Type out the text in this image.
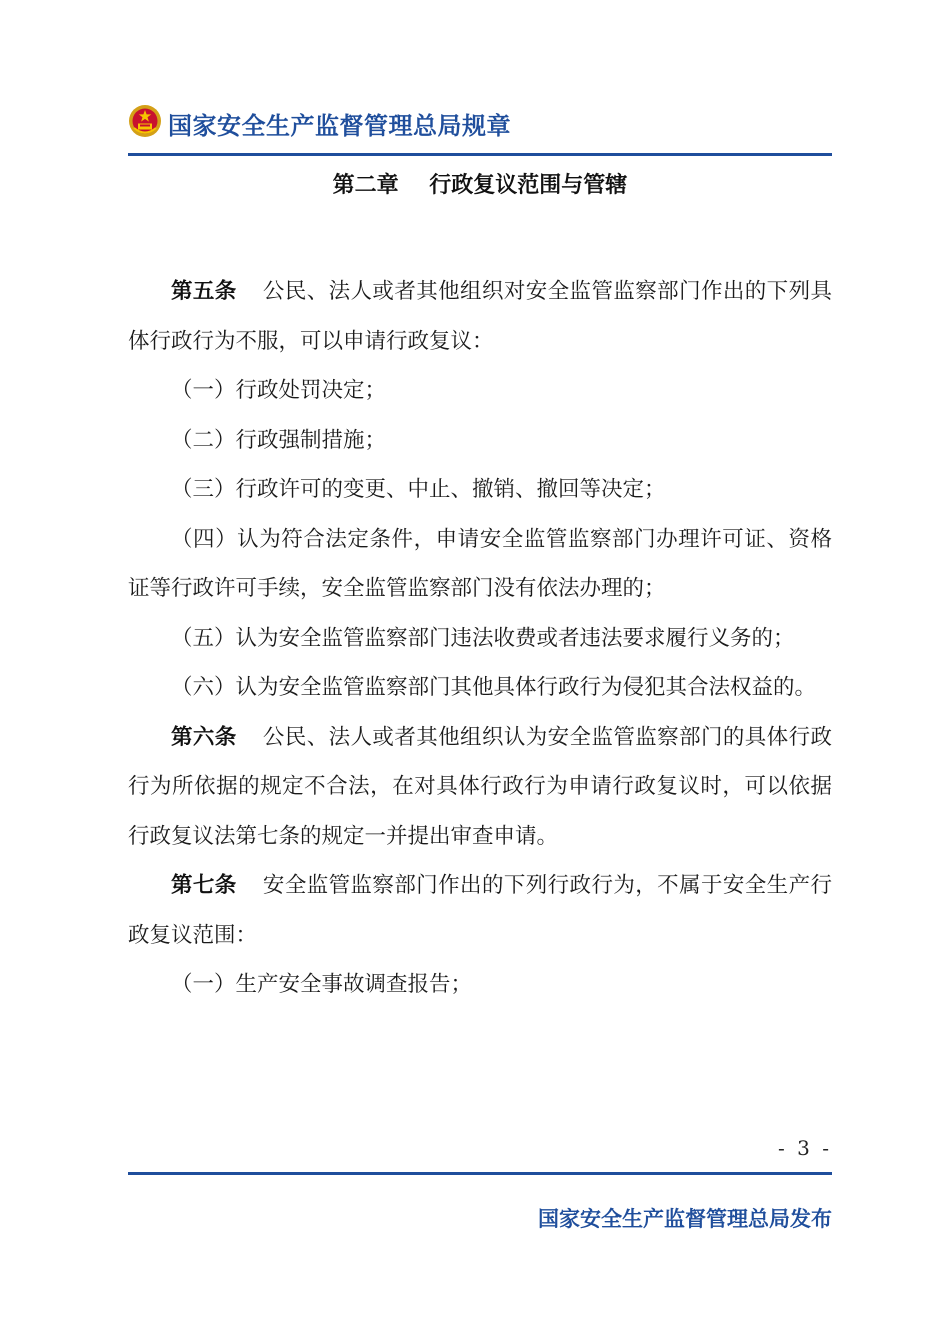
国家安全生产监督管理总局规章
第二章    行政复议范围与管辖

第五条 公民、法人或者其他组织对安全监管监察部门作出的下列具体行政行为不服，可以申请行政复议：

（一）行政处罚决定；

（二）行政强制措施；

（三）行政许可的变更、中止、撤销、撤回等决定；

（四）认为符合法定条件，申请安全监管监察部门办理许可证、资格证等行政许可手续，安全监管监察部门没有依法办理的；

（五）认为安全监管监察部门违法收费或者违法要求履行义务的；

（六）认为安全监管监察部门其他具体行政行为侵犯其合法权益的。

第六条 公民、法人或者其他组织认为安全监管监察部门的具体行政行为所依据的规定不合法，在对具体行政行为申请行政复议时，可以依据行政复议法第七条的规定一并提出审查申请。

第七条 安全监管监察部门作出的下列行政行为，不属于安全生产行政复议范围：

（一）生产安全事故调查报告；

- 3 -
国家安全生产监督管理总局发布
